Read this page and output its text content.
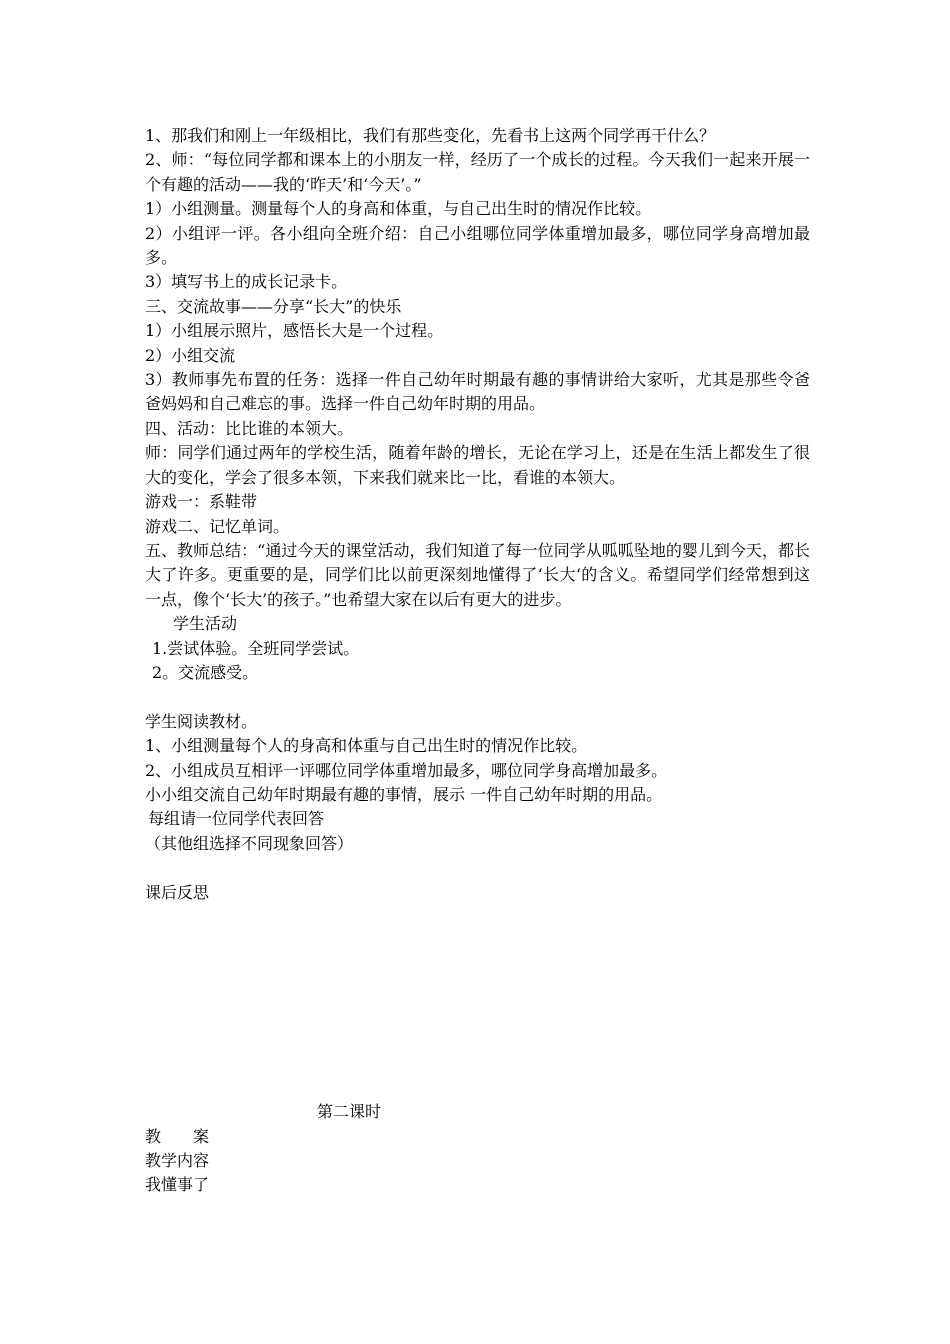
1、那我们和刚上一年级相比，我们有那些变化，先看书上这两个同学再干什么？

2、师：“每位同学都和课本上的小朋友一样，经历了一个成长的过程。今天我们一起来开展一个有趣的活动——我的‘昨天’和‘今天’。”

1）小组测量。测量每个人的身高和体重，与自己出生时的情况作比较。

2）小组评一评。各小组向全班介绍：自己小组哪位同学体重增加最多，哪位同学身高增加最多。

3）填写书上的成长记录卡。

三、交流故事——分享“长大”的快乐

1）小组展示照片，感悟长大是一个过程。

2）小组交流

3）教师事先布置的任务：选择一件自己幼年时期最有趣的事情讲给大家听，尤其是那些令爸爸妈妈和自己难忘的事。选择一件自己幼年时期的用品。

四、活动：比比谁的本领大。

师：同学们通过两年的学校生活，随着年龄的增长，无论在学习上，还是在生活上都发生了很大的变化，学会了很多本领，下来我们就来比一比，看谁的本领大。

游戏一：系鞋带

游戏二、记忆单词。

五、教师总结：“通过今天的课堂活动，我们知道了每一位同学从呱呱坠地的婴儿到今天，都长大了许多。更重要的是，同学们比以前更深刻地懂得了‘长大‘的含义。希望同学们经常想到这一点，像个‘长大’的孩子。”也希望大家在以后有更大的进步。

学生活动

1.尝试体验。全班同学尝试。

2。交流感受。

学生阅读教材。

1、小组测量每个人的身高和体重与自己出生时的情况作比较。

2、小组成员互相评一评哪位同学体重增加最多，哪位同学身高增加最多。

小小组交流自己幼年时期最有趣的事情，展示 一件自己幼年时期的用品。

每组请一位同学代表回答

（其他组选择不同现象回答）

课后反思

第二课时

教 案

教学内容

我懂事了
